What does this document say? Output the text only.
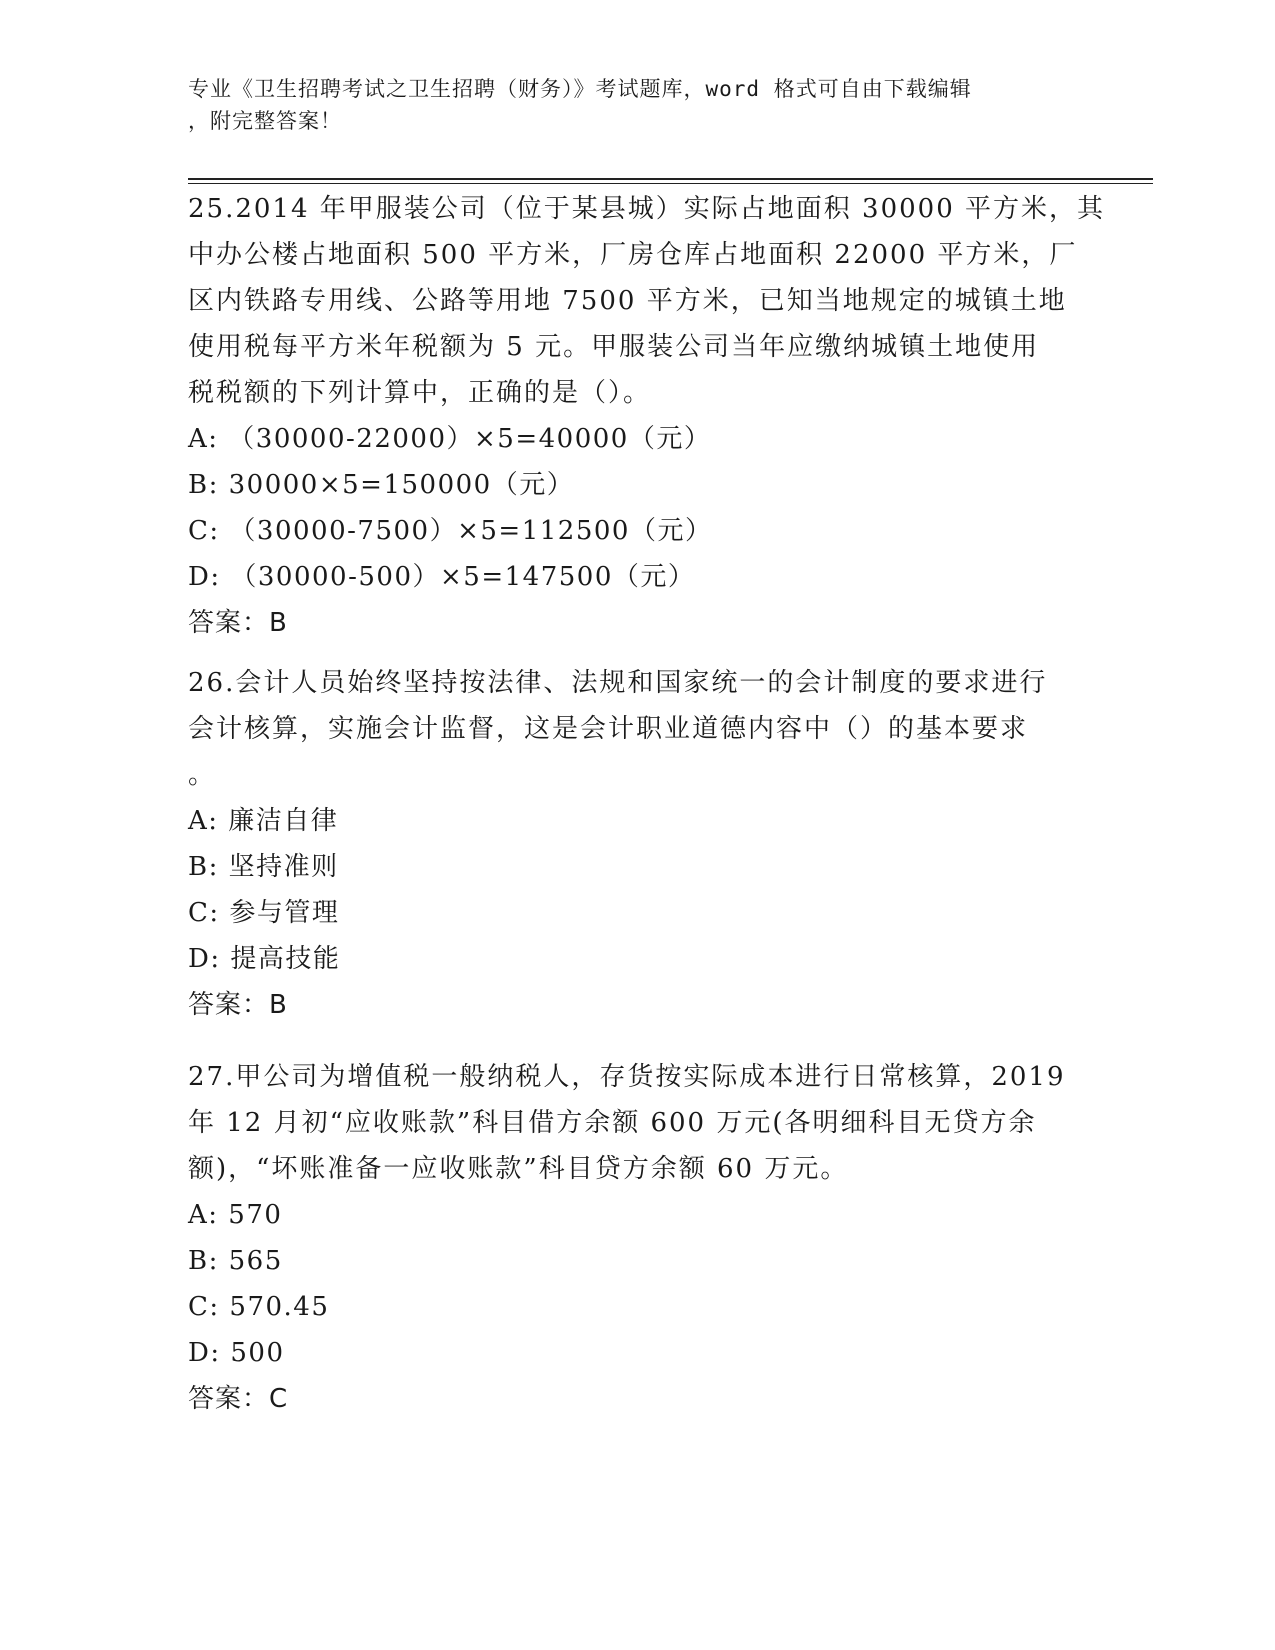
专业《卫生招聘考试之卫生招聘（财务）》考试题库，word 格式可自由下载编辑
，附完整答案！
25.2014 年甲服装公司（位于某县城）实际占地面积 30000 平方米，其
中办公楼占地面积 500 平方米，厂房仓库占地面积 22000 平方米，厂
区内铁路专用线、公路等用地 7500 平方米，已知当地规定的城镇土地
使用税每平方米年税额为 5 元。甲服装公司当年应缴纳城镇土地使用
税税额的下列计算中，正确的是（）。
A: （30000-22000）×5=40000（元）
B: 30000×5=150000（元）
C: （30000-7500）×5=112500（元）
D: （30000-500）×5=147500（元）
答案：B
26.会计人员始终坚持按法律、法规和国家统一的会计制度的要求进行
会计核算，实施会计监督，这是会计职业道德内容中（）的基本要求
。
A: 廉洁自律
B: 坚持准则
C: 参与管理
D: 提高技能
答案：B
27.甲公司为增值税一般纳税人，存货按实际成本进行日常核算，2019
年 12 月初“应收账款”科目借方余额 600 万元(各明细科目无贷方余
额)，“坏账准备一应收账款”科目贷方余额 60 万元。
A: 570
B: 565
C: 570.45
D: 500
答案：C
